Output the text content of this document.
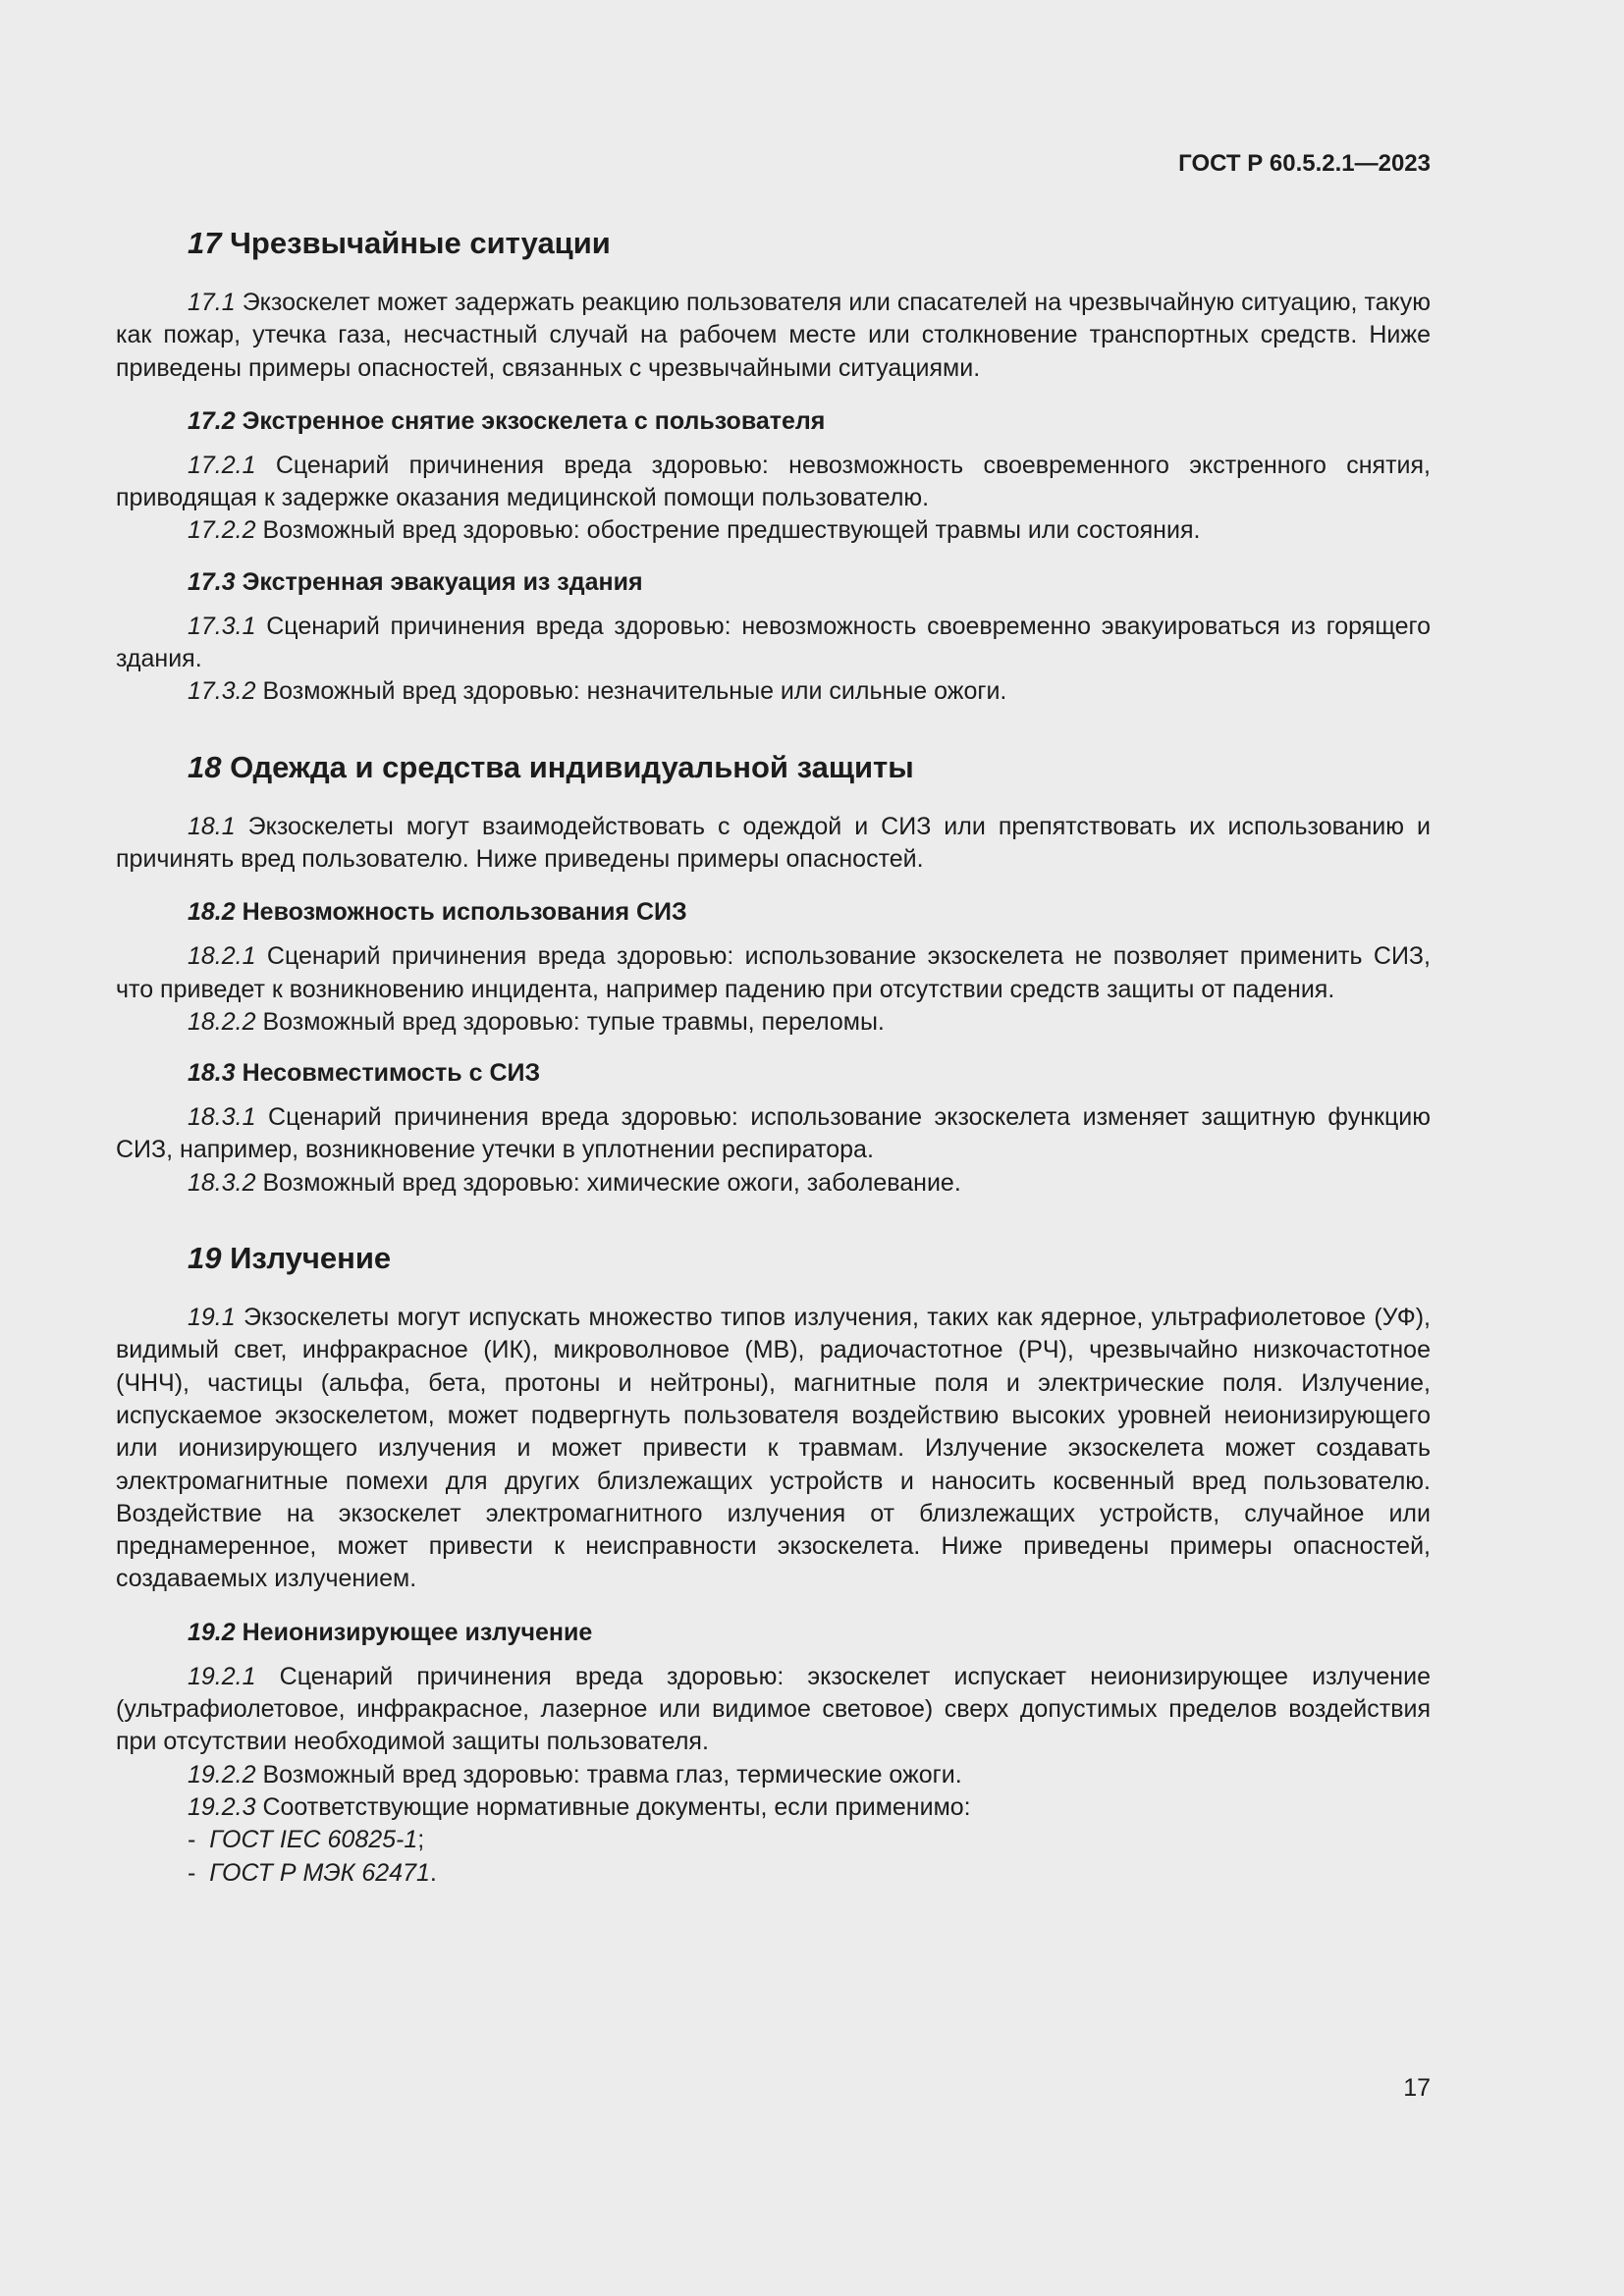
ГОСТ Р 60.5.2.1—2023
17 Чрезвычайные ситуации

17.1 Экзоскелет может задержать реакцию пользователя или спасателей на чрезвычайную ситуацию, такую как пожар, утечка газа, несчастный случай на рабочем месте или столкновение транспортных средств. Ниже приведены примеры опасностей, связанных с чрезвычайными ситуациями.

17.2 Экстренное снятие экзоскелета с пользователя

17.2.1 Сценарий причинения вреда здоровью: невозможность своевременного экстренного снятия, приводящая к задержке оказания медицинской помощи пользователю.

17.2.2 Возможный вред здоровью: обострение предшествующей травмы или состояния.

17.3 Экстренная эвакуация из здания

17.3.1 Сценарий причинения вреда здоровью: невозможность своевременно эвакуироваться из горящего здания.

17.3.2 Возможный вред здоровью: незначительные или сильные ожоги.

18 Одежда и средства индивидуальной защиты

18.1 Экзоскелеты могут взаимодействовать с одеждой и СИЗ или препятствовать их использованию и причинять вред пользователю. Ниже приведены примеры опасностей.

18.2 Невозможность использования СИЗ

18.2.1 Сценарий причинения вреда здоровью: использование экзоскелета не позволяет применить СИЗ, что приведет к возникновению инцидента, например падению при отсутствии средств защиты от падения.

18.2.2 Возможный вред здоровью: тупые травмы, переломы.

18.3 Несовместимость с СИЗ

18.3.1 Сценарий причинения вреда здоровью: использование экзоскелета изменяет защитную функцию СИЗ, например, возникновение утечки в уплотнении респиратора.

18.3.2 Возможный вред здоровью: химические ожоги, заболевание.

19 Излучение

19.1 Экзоскелеты могут испускать множество типов излучения, таких как ядерное, ультрафиолетовое (УФ), видимый свет, инфракрасное (ИК), микроволновое (МВ), радиочастотное (РЧ), чрезвычайно низкочастотное (ЧНЧ), частицы (альфа, бета, протоны и нейтроны), магнитные поля и электрические поля. Излучение, испускаемое экзоскелетом, может подвергнуть пользователя воздействию высоких уровней неионизирующего или ионизирующего излучения и может привести к травмам. Излучение экзоскелета может создавать электромагнитные помехи для других близлежащих устройств и наносить косвенный вред пользователю. Воздействие на экзоскелет электромагнитного излучения от близлежащих устройств, случайное или преднамеренное, может привести к неисправности экзоскелета. Ниже приведены примеры опасностей, создаваемых излучением.

19.2 Неионизирующее излучение

19.2.1 Сценарий причинения вреда здоровью: экзоскелет испускает неионизирующее излучение (ультрафиолетовое, инфракрасное, лазерное или видимое световое) сверх допустимых пределов воздействия при отсутствии необходимой защиты пользователя.

19.2.2 Возможный вред здоровью: травма глаз, термические ожоги.

19.2.3 Соответствующие нормативные документы, если применимо:

- ГОСТ IEC 60825-1;
- ГОСТ Р МЭК 62471.
17
